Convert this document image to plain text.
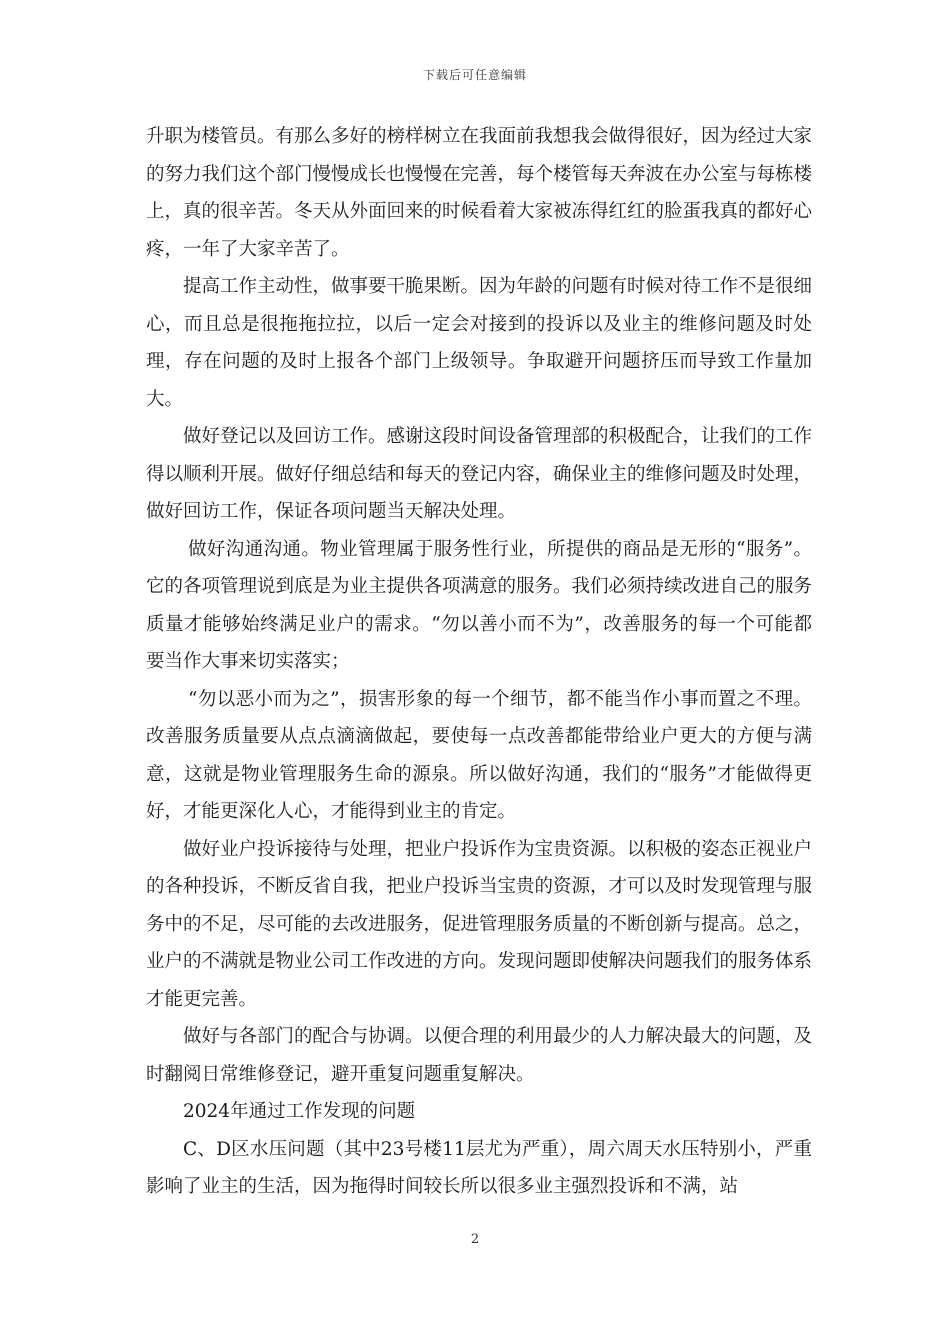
下载后可任意编辑

升职为楼管员。有那么多好的榜样树立在我面前我想我会做得很好，因为经过大家的努力我们这个部门慢慢成长也慢慢在完善，每个楼管每天奔波在办公室与每栋楼上，真的很辛苦。冬天从外面回来的时候看着大家被冻得红红的脸蛋我真的都好心疼，一年了大家辛苦了。

提高工作主动性，做事要干脆果断。因为年龄的问题有时候对待工作不是很细心，而且总是很拖拖拉拉，以后一定会对接到的投诉以及业主的维修问题及时处理，存在问题的及时上报各个部门上级领导。争取避开问题挤压而导致工作量加大。

做好登记以及回访工作。感谢这段时间设备管理部的积极配合，让我们的工作得以顺利开展。做好仔细总结和每天的登记内容，确保业主的维修问题及时处理，做好回访工作，保证各项问题当天解决处理。

做好沟通沟通。物业管理属于服务性行业，所提供的商品是无形的“服务”。它的各项管理说到底是为业主提供各项满意的服务。我们必须持续改进自己的服务质量才能够始终满足业户的需求。“勿以善小而不为”，改善服务的每一个可能都要当作大事来切实落实；

“勿以恶小而为之”，损害形象的每一个细节，都不能当作小事而置之不理。改善服务质量要从点点滴滴做起，要使每一点改善都能带给业户更大的方便与满意，这就是物业管理服务生命的源泉。所以做好沟通，我们的“服务”才能做得更好，才能更深化人心，才能得到业主的肯定。

做好业户投诉接待与处理，把业户投诉作为宝贵资源。以积极的姿态正视业户的各种投诉，不断反省自我，把业户投诉当宝贵的资源，才可以及时发现管理与服务中的不足，尽可能的去改进服务，促进管理服务质量的不断创新与提高。总之，业户的不满就是物业公司工作改进的方向。发现问题即使解决问题我们的服务体系才能更完善。

做好与各部门的配合与协调。以便合理的利用最少的人力解决最大的问题，及时翻阅日常维修登记，避开重复问题重复解决。

2024年通过工作发现的问题

C、D区水压问题（其中23号楼11层尤为严重），周六周天水压特别小，严重影响了业主的生活，因为拖得时间较长所以很多业主强烈投诉和不满，站

2
